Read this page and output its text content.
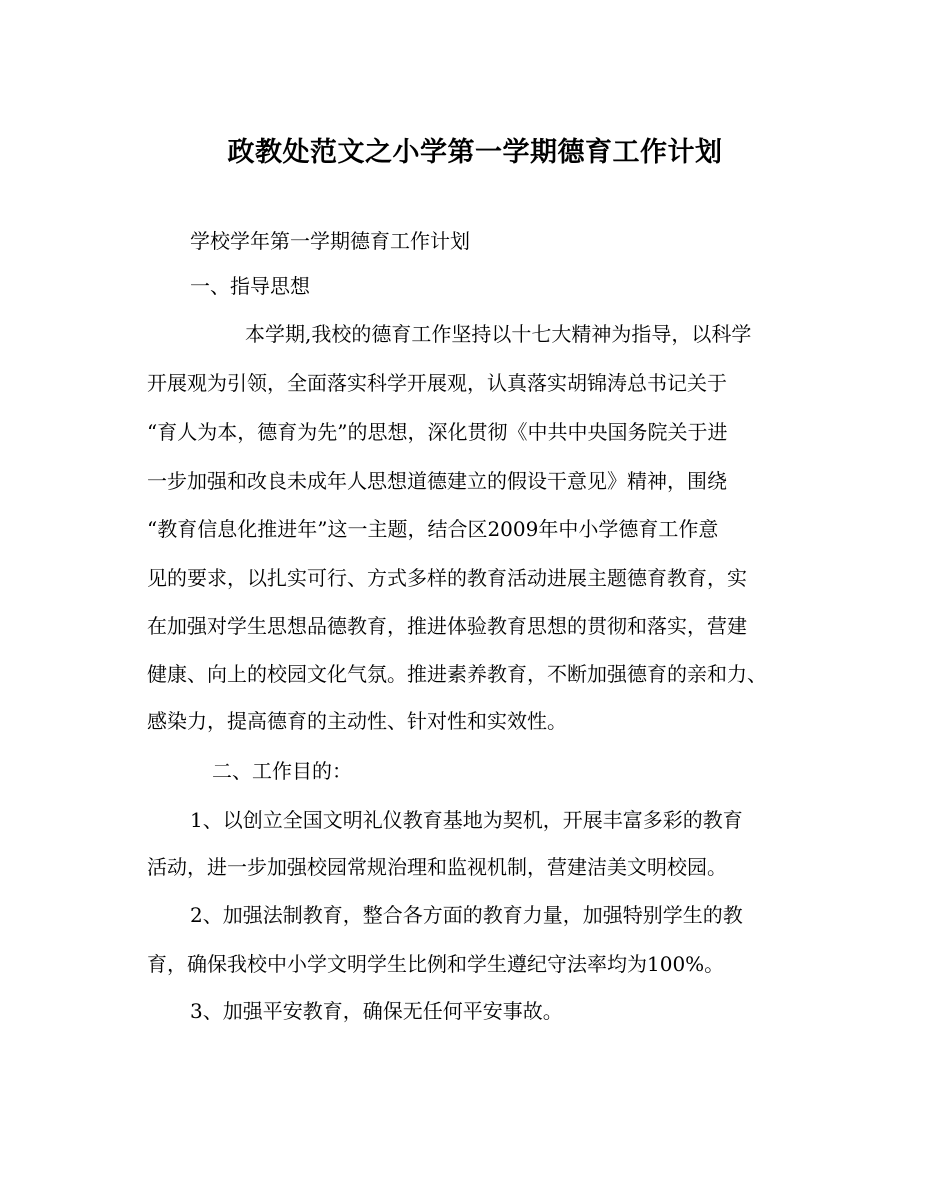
政教处范文之小学第一学期德育工作计划
学校学年第一学期德育工作计划
一、指导思想
本学期,我校的德育工作坚持以十七大精神为指导，以科学
开展观为引领，全面落实科学开展观，认真落实胡锦涛总书记关于
“育人为本，德育为先”的思想，深化贯彻《中共中央国务院关于进
一步加强和改良未成年人思想道德建立的假设干意见》精神，围绕
“教育信息化推进年”这一主题，结合区2009年中小学德育工作意
见的要求，以扎实可行、方式多样的教育活动进展主题德育教育，实
在加强对学生思想品德教育，推进体验教育思想的贯彻和落实，营建
健康、向上的校园文化气氛。推进素养教育，不断加强德育的亲和力、
感染力，提高德育的主动性、针对性和实效性。
二、工作目的：
1、以创立全国文明礼仪教育基地为契机，开展丰富多彩的教育
活动，进一步加强校园常规治理和监视机制，营建洁美文明校园。
2、加强法制教育，整合各方面的教育力量，加强特别学生的教
育，确保我校中小学文明学生比例和学生遵纪守法率均为100%。
3、加强平安教育，确保无任何平安事故。
